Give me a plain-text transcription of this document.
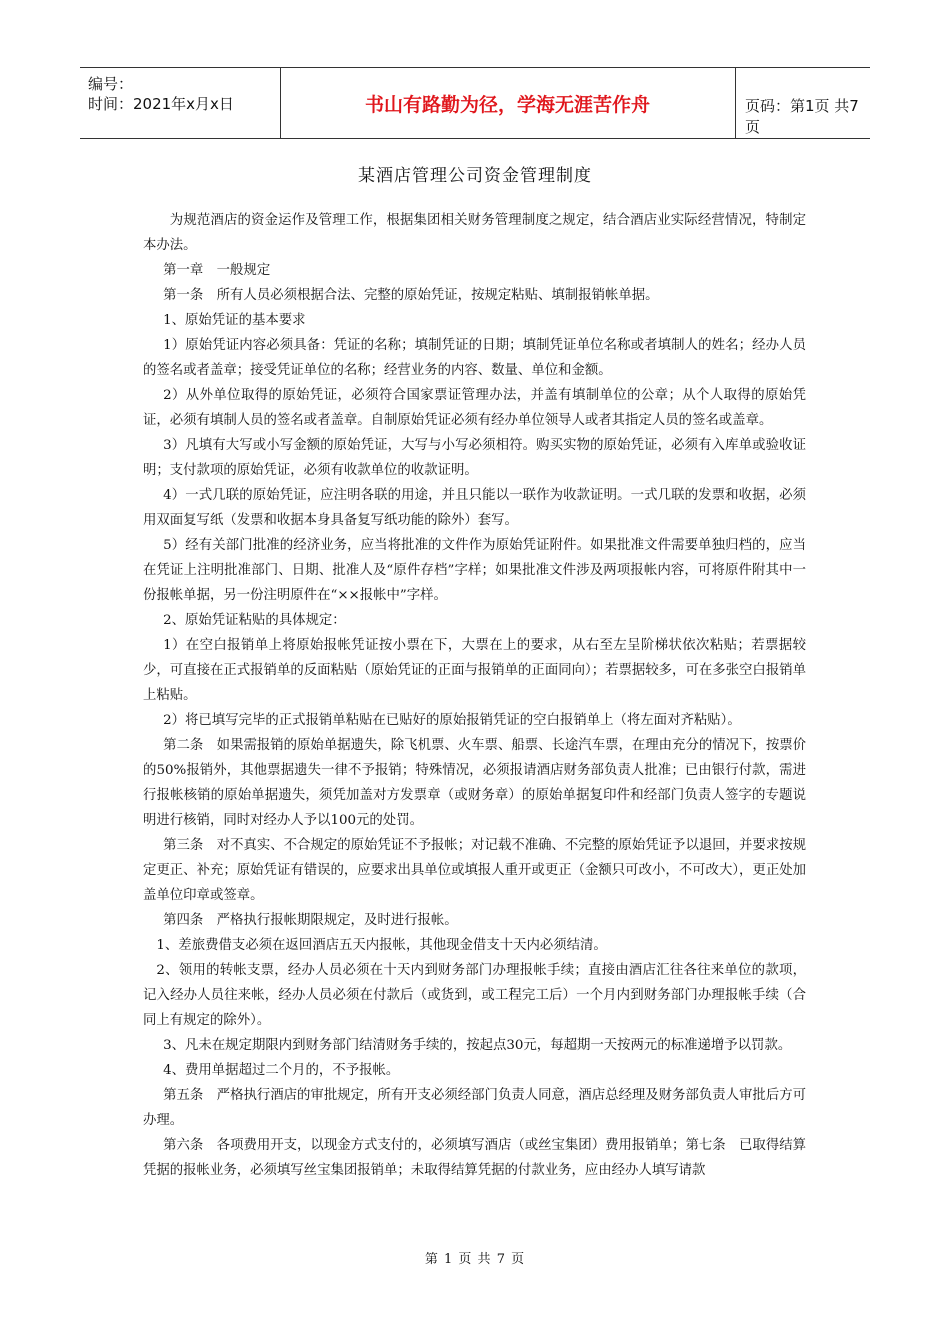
编号：
时间：2021年x月x日	书山有路勤为径，学海无涯苦作舟	页码：第1页 共7页
某酒店管理公司资金管理制度

为规范酒店的资金运作及管理工作，根据集团相关财务管理制度之规定，结合酒店业实际经营情况，特制定本办法。

第一章　一般规定

第一条　所有人员必须根据合法、完整的原始凭证，按规定粘贴、填制报销帐单据。

1、原始凭证的基本要求

1）原始凭证内容必须具备：凭证的名称；填制凭证的日期；填制凭证单位名称或者填制人的姓名；经办人员的签名或者盖章；接受凭证单位的名称；经营业务的内容、数量、单位和金额。

2）从外单位取得的原始凭证，必须符合国家票证管理办法，并盖有填制单位的公章；从个人取得的原始凭证，必须有填制人员的签名或者盖章。自制原始凭证必须有经办单位领导人或者其指定人员的签名或盖章。

3）凡填有大写或小写金额的原始凭证，大写与小写必须相符。购买实物的原始凭证，必须有入库单或验收证明；支付款项的原始凭证，必须有收款单位的收款证明。

4）一式几联的原始凭证，应注明各联的用途，并且只能以一联作为收款证明。一式几联的发票和收据，必须用双面复写纸（发票和收据本身具备复写纸功能的除外）套写。

5）经有关部门批准的经济业务，应当将批准的文件作为原始凭证附件。如果批准文件需要单独归档的，应当在凭证上注明批准部门、日期、批准人及“原件存档”字样；如果批准文件涉及两项报帐内容，可将原件附其中一份报帐单据，另一份注明原件在“××报帐中”字样。

2、原始凭证粘贴的具体规定：

1）在空白报销单上将原始报帐凭证按小票在下，大票在上的要求，从右至左呈阶梯状依次粘贴；若票据较少，可直接在正式报销单的反面粘贴（原始凭证的正面与报销单的正面同向）；若票据较多，可在多张空白报销单上粘贴。

2）将已填写完毕的正式报销单粘贴在已贴好的原始报销凭证的空白报销单上（将左面对齐粘贴）。

第二条　如果需报销的原始单据遗失，除飞机票、火车票、船票、长途汽车票，在理由充分的情况下，按票价的50%报销外，其他票据遗失一律不予报销；特殊情况，必须报请酒店财务部负责人批准；已由银行付款，需进行报帐核销的原始单据遗失，须凭加盖对方发票章（或财务章）的原始单据复印件和经部门负责人签字的专题说明进行核销，同时对经办人予以100元的处罚。

第三条　对不真实、不合规定的原始凭证不予报帐；对记载不准确、不完整的原始凭证予以退回，并要求按规定更正、补充；原始凭证有错误的，应要求出具单位或填报人重开或更正（金额只可改小，不可改大），更正处加盖单位印章或签章。

第四条　严格执行报帐期限规定，及时进行报帐。

1、差旅费借支必须在返回酒店五天内报帐，其他现金借支十天内必须结清。

2、领用的转帐支票，经办人员必须在十天内到财务部门办理报帐手续；直接由酒店汇往各往来单位的款项，记入经办人员往来帐，经办人员必须在付款后（或货到，或工程完工后）一个月内到财务部门办理报帐手续（合同上有规定的除外）。

3、凡未在规定期限内到财务部门结清财务手续的，按起点30元，每超期一天按两元的标准递增予以罚款。

4、费用单据超过二个月的，不予报帐。

第五条　严格执行酒店的审批规定，所有开支必须经部门负责人同意，酒店总经理及财务部负责人审批后方可办理。

第六条　各项费用开支，以现金方式支付的，必须填写酒店（或丝宝集团）费用报销单；第七条　已取得结算凭据的报帐业务，必须填写丝宝集团报销单；未取得结算凭据的付款业务，应由经办人填写请款

第 1 页 共 7 页
